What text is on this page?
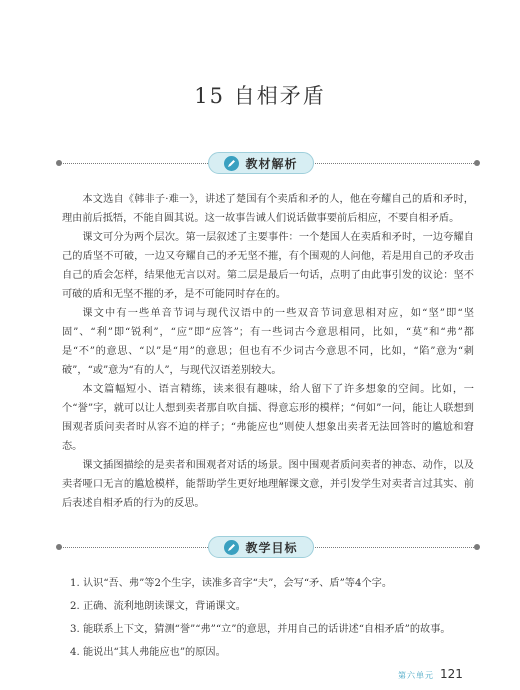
15 自相矛盾
教材解析

本文选自《韩非子·难一》，讲述了楚国有个卖盾和矛的人，他在夸耀自己的盾和矛时，理由前后抵牾，不能自圆其说。这一故事告诫人们说话做事要前后相应，不要自相矛盾。

课文可分为两个层次。第一层叙述了主要事件：一个楚国人在卖盾和矛时，一边夸耀自己的盾坚不可破，一边又夸耀自己的矛无坚不摧，有个围观的人问他，若是用自己的矛攻击自己的盾会怎样，结果他无言以对。第二层是最后一句话，点明了由此事引发的议论：坚不可破的盾和无坚不摧的矛，是不可能同时存在的。

课文中有一些单音节词与现代汉语中的一些双音节词意思相对应，如“坚”即“坚固”、“利”即“锐利”，“应”即“应答”；有一些词古今意思相同，比如，“莫”和“弗”都是“不”的意思、“以”是“用”的意思；但也有不少词古今意思不同，比如，“陷”意为“刺破”，“或”意为“有的人”，与现代汉语差别较大。

本文篇幅短小、语言精练，读来很有趣味，给人留下了许多想象的空间。比如，一个“誉”字，就可以让人想到卖者那自吹自擂、得意忘形的模样；“何如”一问，能让人联想到围观者质问卖者时从容不迫的样子；“弗能应也”则使人想象出卖者无法回答时的尴尬和窘态。

课文插图描绘的是卖者和围观者对话的场景。图中围观者质问卖者的神态、动作，以及卖者哑口无言的尴尬模样，能帮助学生更好地理解课文意，并引发学生对卖者言过其实、前后表述自相矛盾的行为的反思。

教学目标
1. 认识“吾、弗”等2个生字，读准多音字“夫”，会写“矛、盾”等4个字。
2. 正确、流利地朗读课文，背诵课文。
3. 能联系上下文，猜测“誉”“弗”“立”的意思，并用自己的话讲述“自相矛盾”的故事。
4. 能说出“其人弗能应也”的原因。
第六单元 121
